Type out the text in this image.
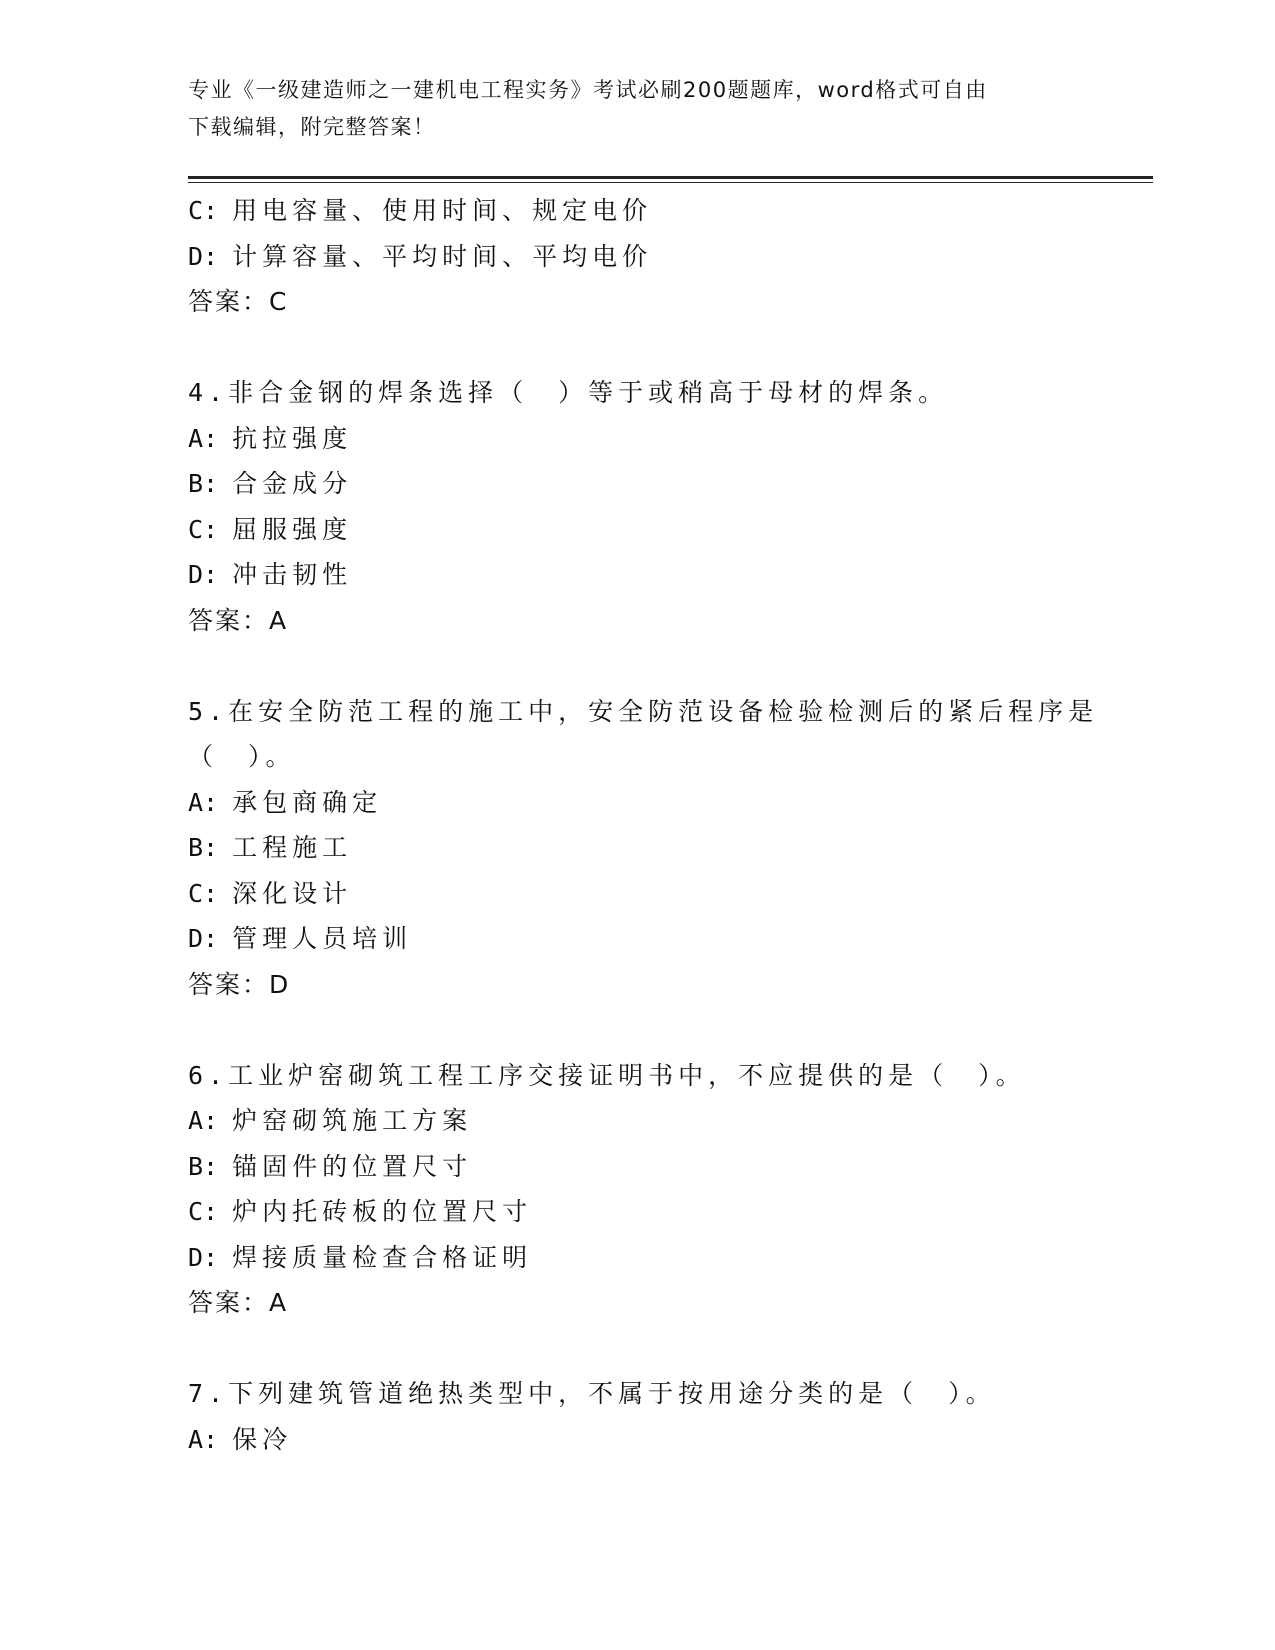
专业《一级建造师之一建机电工程实务》考试必刷200题题库，word格式可自由
下载编辑，附完整答案！
C: 用电容量、使用时间、规定电价
D: 计算容量、平均时间、平均电价
答案：C
4.非合金钢的焊条选择（　）等于或稍高于母材的焊条。
A: 抗拉强度
B: 合金成分
C: 屈服强度
D: 冲击韧性
答案：A
5.在安全防范工程的施工中，安全防范设备检验检测后的紧后程序是
（　）。
A: 承包商确定
B: 工程施工
C: 深化设计
D: 管理人员培训
答案：D
6.工业炉窑砌筑工程工序交接证明书中，不应提供的是（　）。
A: 炉窑砌筑施工方案
B: 锚固件的位置尺寸
C: 炉内托砖板的位置尺寸
D: 焊接质量检查合格证明
答案：A
7.下列建筑管道绝热类型中，不属于按用途分类的是（　）。
A: 保冷
